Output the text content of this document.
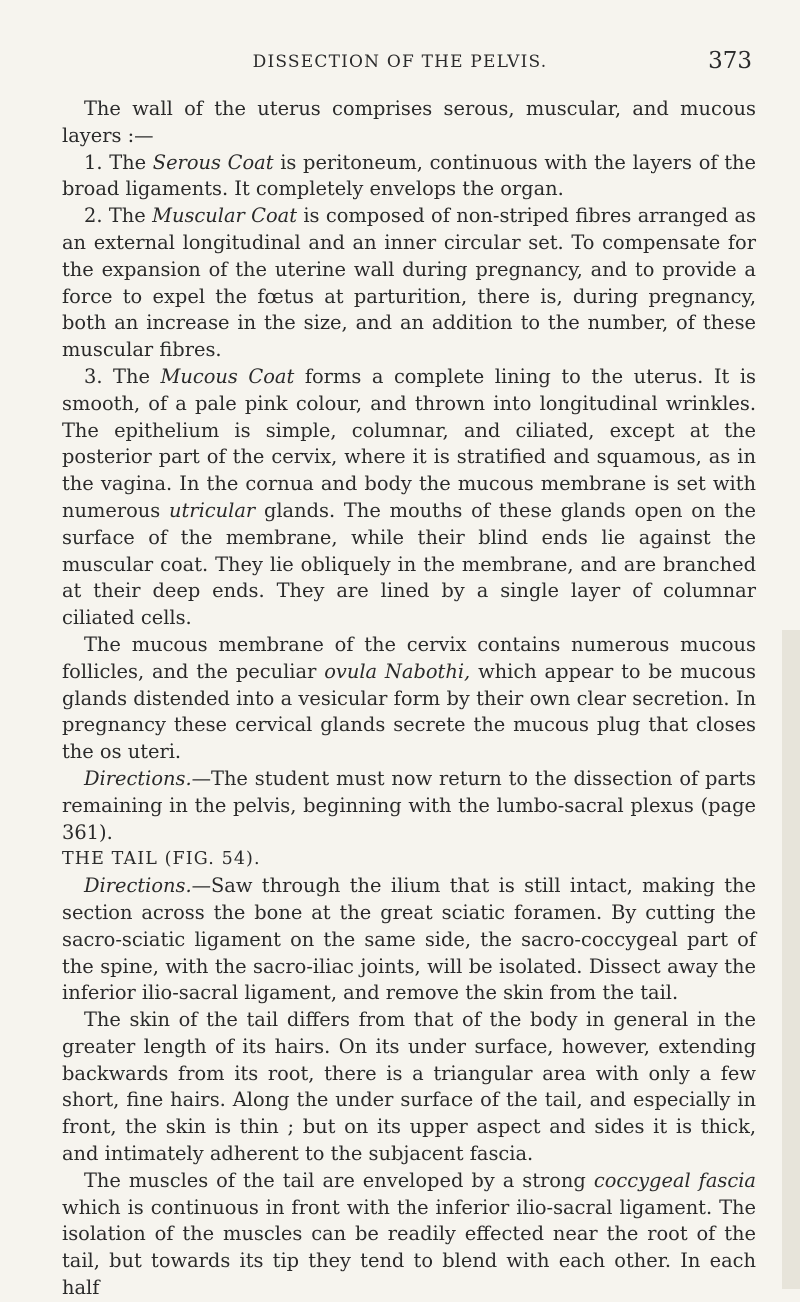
DISSECTION OF THE PELVIS.	373

The wall of the uterus comprises serous, muscular, and mucous layers :—

1. The Serous Coat is peritoneum, continuous with the layers of the broad ligaments. It completely envelops the organ.

2. The Muscular Coat is composed of non-striped fibres arranged as an external longitudinal and an inner circular set. To compensate for the expansion of the uterine wall during pregnancy, and to provide a force to expel the fœtus at parturition, there is, during pregnancy, both an increase in the size, and an addition to the number, of these muscular fibres.

3. The Mucous Coat forms a complete lining to the uterus. It is smooth, of a pale pink colour, and thrown into longitudinal wrinkles. The epithelium is simple, columnar, and ciliated, except at the posterior part of the cervix, where it is stratified and squamous, as in the vagina. In the cornua and body the mucous membrane is set with numerous utricular glands. The mouths of these glands open on the surface of the membrane, while their blind ends lie against the muscular coat. They lie obliquely in the membrane, and are branched at their deep ends. They are lined by a single layer of columnar ciliated cells.

The mucous membrane of the cervix contains numerous mucous follicles, and the peculiar ovula Nabothi, which appear to be mucous glands distended into a vesicular form by their own clear secretion. In pregnancy these cervical glands secrete the mucous plug that closes the os uteri.

Directions.—The student must now return to the dissection of parts remaining in the pelvis, beginning with the lumbo-sacral plexus (page 361).

THE TAIL (FIG. 54).

Directions.—Saw through the ilium that is still intact, making the section across the bone at the great sciatic foramen. By cutting the sacro-sciatic ligament on the same side, the sacro-coccygeal part of the spine, with the sacro-iliac joints, will be isolated. Dissect away the inferior ilio-sacral ligament, and remove the skin from the tail.

The skin of the tail differs from that of the body in general in the greater length of its hairs. On its under surface, however, extending backwards from its root, there is a triangular area with only a few short, fine hairs. Along the under surface of the tail, and especially in front, the skin is thin ; but on its upper aspect and sides it is thick, and intimately adherent to the subjacent fascia.

The muscles of the tail are enveloped by a strong coccygeal fascia which is continuous in front with the inferior ilio-sacral ligament. The isolation of the muscles can be readily effected near the root of the tail, but towards its tip they tend to blend with each other. In each half
